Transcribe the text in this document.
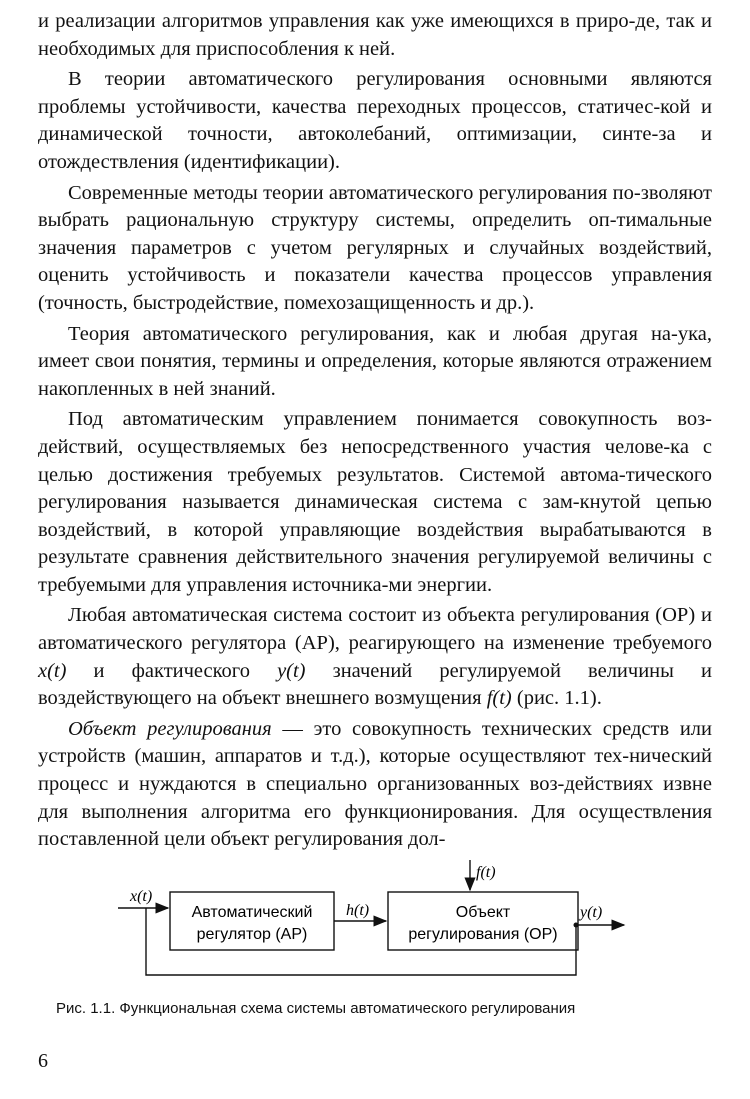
и реализации алгоритмов управления как уже имеющихся в приро-де, так и необходимых для приспособления к ней.

В теории автоматического регулирования основными являются проблемы устойчивости, качества переходных процессов, статичес-кой и динамической точности, автоколебаний, оптимизации, синте-за и отождествления (идентификации).

Современные методы теории автоматического регулирования по-зволяют выбрать рациональную структуру системы, определить оп-тимальные значения параметров с учетом регулярных и случайных воздействий, оценить устойчивость и показатели качества процессов управления (точность, быстродействие, помехозащищенность и др.).

Теория автоматического регулирования, как и любая другая на-ука, имеет свои понятия, термины и определения, которые являются отражением накопленных в ней знаний.

Под автоматическим управлением понимается совокупность воз-действий, осуществляемых без непосредственного участия челове-ка с целью достижения требуемых результатов. Системой автома-тического регулирования называется динамическая система с зам-кнутой цепью воздействий, в которой управляющие воздействия вырабатываются в результате сравнения действительного значения регулируемой величины с требуемыми для управления источника-ми энергии.

Любая автоматическая система состоит из объекта регулирования (ОР) и автоматического регулятора (АР), реагирующего на изменение требуемого x(t) и фактического y(t) значений регулируемой величины и воздействующего на объект внешнего возмущения f(t) (рис. 1.1).

Объект регулирования — это совокупность технических средств или устройств (машин, аппаратов и т.д.), которые осуществляют тех-нический процесс и нуждаются в специально организованных воз-действиях извне для выполнения алгоритма его функционирования. Для осуществления поставленной цели объект регулирования дол-

x(t)
Автоматический
регулятор (АР)
h(t)	Объект
регулирования (ОР)
f(t)
y(t)
Рис. 1.1. Функциональная схема системы автоматического регулирования
6
